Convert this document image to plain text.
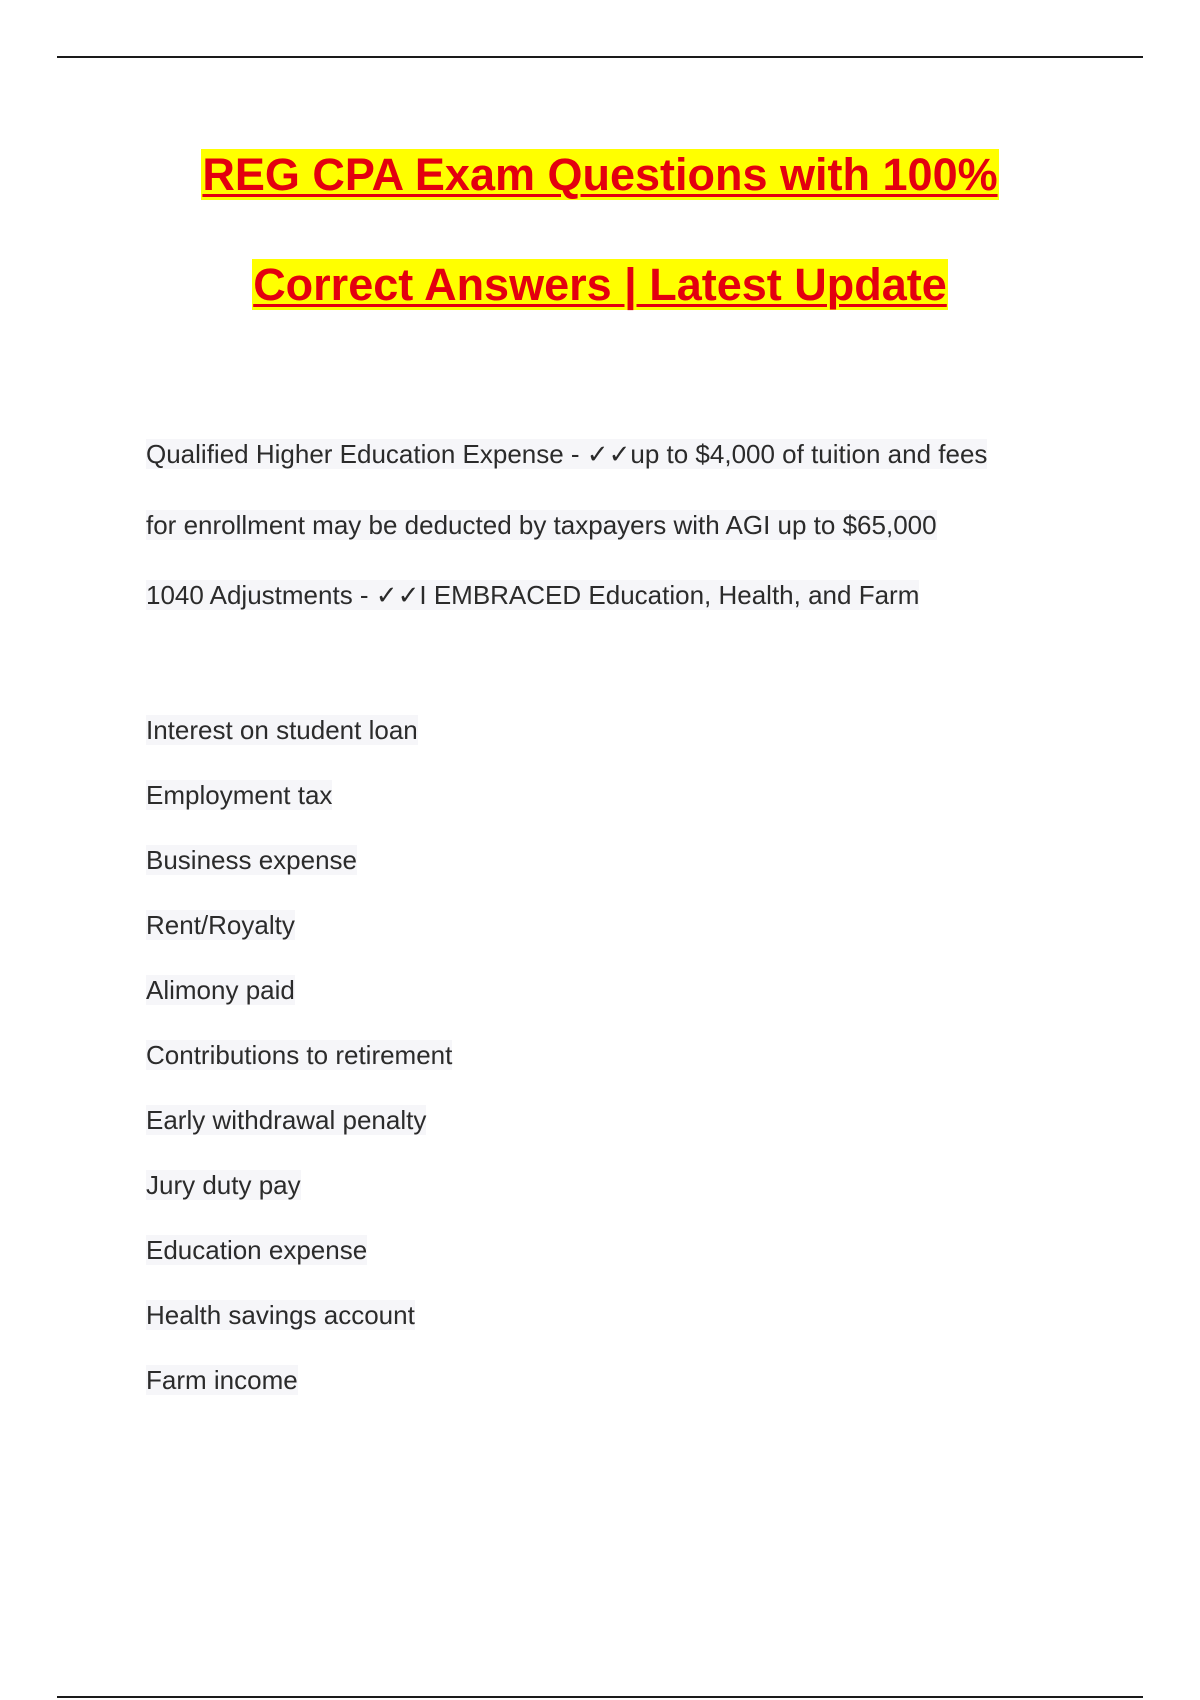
REG CPA Exam Questions with 100%
Correct Answers | Latest Update
Qualified Higher Education Expense - ✓✓up to $4,000 of tuition and fees
for enrollment may be deducted by taxpayers with AGI up to $65,000
1040 Adjustments - ✓✓I EMBRACED Education, Health, and Farm
Interest on student loan
Employment tax
Business expense
Rent/Royalty
Alimony paid
Contributions to retirement
Early withdrawal penalty
Jury duty pay
Education expense
Health savings account
Farm income
